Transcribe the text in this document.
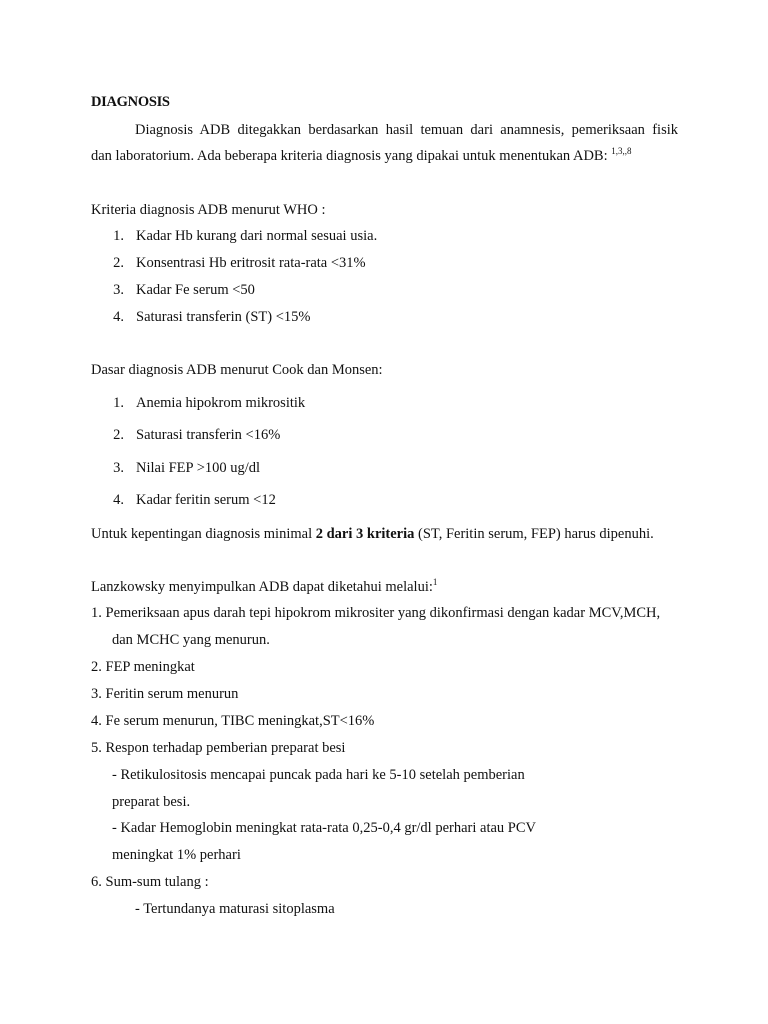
DIAGNOSIS
Diagnosis ADB ditegakkan berdasarkan hasil temuan dari anamnesis, pemeriksaan fisik
dan laboratorium. Ada beberapa kriteria diagnosis yang dipakai untuk menentukan ADB: $^{1,3,,8}$
Kriteria diagnosis ADB menurut WHO :
1. Kadar Hb kurang dari normal sesuai usia.
2. Konsentrasi Hb eritrosit rata-rata <31%
3. Kadar Fe serum <50
4. Saturasi transferin (ST) <15%
Dasar diagnosis ADB menurut Cook dan Monsen:
1. Anemia hipokrom mikrositik
2. Saturasi transferin <16%
3. Nilai FEP >100 ug/dl
4. Kadar feritin serum <12
Untuk kepentingan diagnosis minimal 2 dari 3 kriteria (ST, Feritin serum, FEP) harus dipenuhi.
Lanzkowsky menyimpulkan ADB dapat diketahui melalui:$^1$
1. Pemeriksaan apus darah tepi hipokrom mikrositer yang dikonfirmasi dengan kadar MCV,MCH,
dan MCHC yang menurun.
2. FEP meningkat
3. Feritin serum menurun
4. Fe serum menurun, TIBC meningkat,ST<16%
5. Respon terhadap pemberian preparat besi
- Retikulositosis mencapai puncak pada hari ke 5-10 setelah pemberian
preparat besi.
- Kadar Hemoglobin meningkat rata-rata 0,25-0,4 gr/dl perhari atau PCV
meningkat 1% perhari
6. Sum-sum tulang :
- Tertundanya maturasi sitoplasma
